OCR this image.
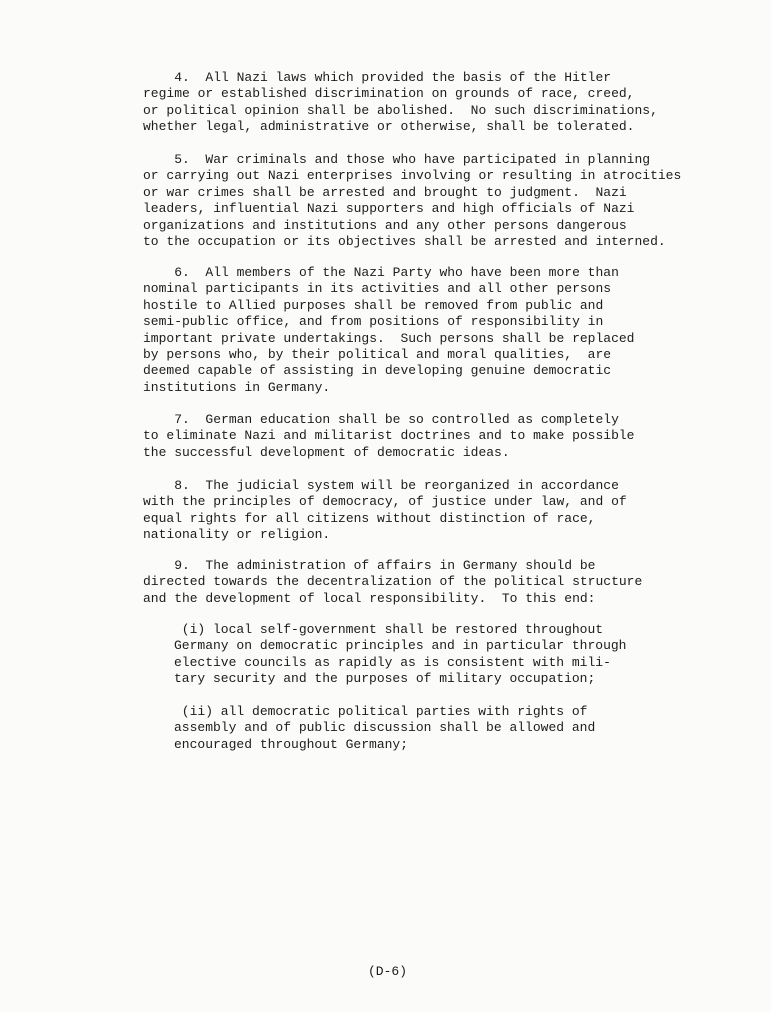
4.  All Nazi laws which provided the basis of the Hitler
regime or established discrimination on grounds of race, creed,
or political opinion shall be abolished.  No such discriminations,
whether legal, administrative or otherwise, shall be tolerated.
5.  War criminals and those who have participated in planning
or carrying out Nazi enterprises involving or resulting in atrocities
or war crimes shall be arrested and brought to judgment.  Nazi
leaders, influential Nazi supporters and high officials of Nazi
organizations and institutions and any other persons dangerous
to the occupation or its objectives shall be arrested and interned.
6.  All members of the Nazi Party who have been more than
nominal participants in its activities and all other persons
hostile to Allied purposes shall be removed from public and
semi-public office, and from positions of responsibility in
important private undertakings.  Such persons shall be replaced
by persons who, by their political and moral qualities,  are
deemed capable of assisting in developing genuine democratic
institutions in Germany.
7.  German education shall be so controlled as completely
to eliminate Nazi and militarist doctrines and to make possible
the successful development of democratic ideas.
8.  The judicial system will be reorganized in accordance
with the principles of democracy, of justice under law, and of
equal rights for all citizens without distinction of race,
nationality or religion.
9.  The administration of affairs in Germany should be
directed towards the decentralization of the political structure
and the development of local responsibility.  To this end:
(i) local self-government shall be restored throughout
Germany on democratic principles and in particular through
elective councils as rapidly as is consistent with mili-
tary security and the purposes of military occupation;
(ii) all democratic political parties with rights of
assembly and of public discussion shall be allowed and
encouraged throughout Germany;
(D-6)
